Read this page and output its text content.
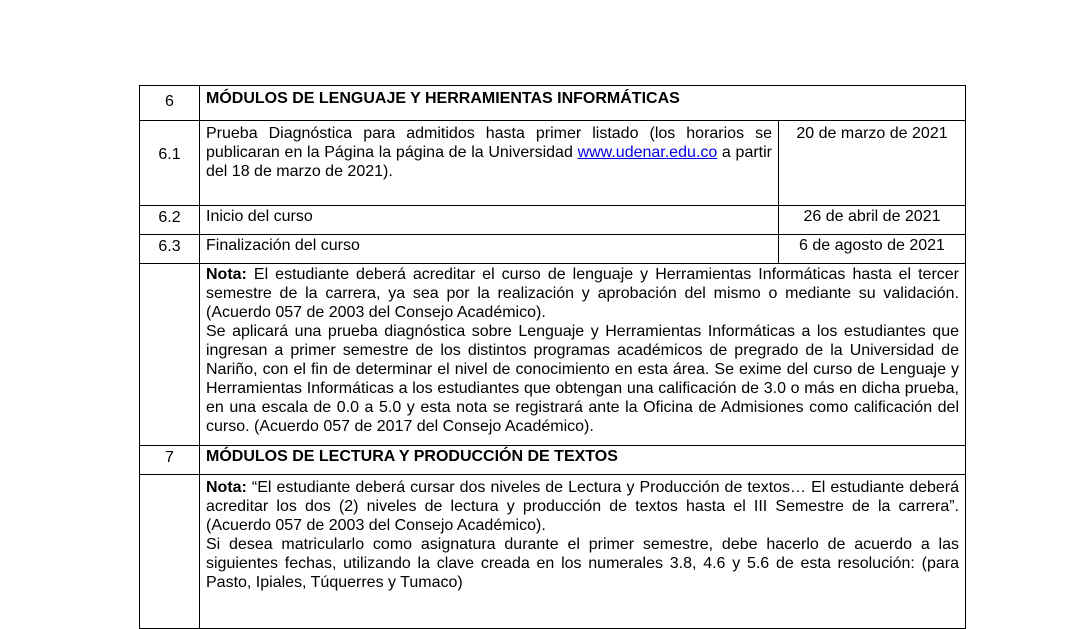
6	MÓDULOS DE LENGUAJE Y HERRAMIENTAS INFORMÁTICAS	
6.1	Prueba Diagnóstica para admitidos hasta primer listado (los horarios se publicaran en la Página la página de la Universidad www.udenar.edu.co a partir del 18 de marzo de 2021).	20 de marzo de 2021
6.2	Inicio del curso	26 de abril de 2021
6.3	Finalización del curso	6 de agosto de 2021

	Nota: El estudiante deberá acreditar el curso de lenguaje y Herramientas Informáticas hasta el tercer semestre de la carrera, ya sea por la realización y aprobación del mismo o mediante su validación. (Acuerdo 057 de 2003 del Consejo Académico).
Se aplicará una prueba diagnóstica sobre Lenguaje y Herramientas Informáticas a los estudiantes que ingresan a primer semestre de los distintos programas académicos de pregrado de la Universidad de Nariño, con el fin de determinar el nivel de conocimiento en esta área. Se exime del curso de Lenguaje y Herramientas Informáticas a los estudiantes que obtengan una calificación de 3.0 o más en dicha prueba, en una escala de 0.0 a 5.0 y esta nota se registrará ante la Oficina de Admisiones como calificación del curso. (Acuerdo 057 de 2017 del Consejo Académico).	

7	MÓDULOS DE LECTURA Y PRODUCCIÓN DE TEXTOS	

	Nota: “El estudiante deberá cursar dos niveles de Lectura y Producción de textos… El estudiante deberá acreditar los dos (2) niveles de lectura y producción de textos hasta el III Semestre de la carrera”. (Acuerdo 057 de 2003 del Consejo Académico).
Si desea matricularlo como asignatura durante el primer semestre, debe hacerlo de acuerdo a las siguientes fechas, utilizando la clave creada en los numerales 3.8, 4.6 y 5.6 de esta resolución: (para Pasto, Ipiales, Túquerres y Tumaco)	
